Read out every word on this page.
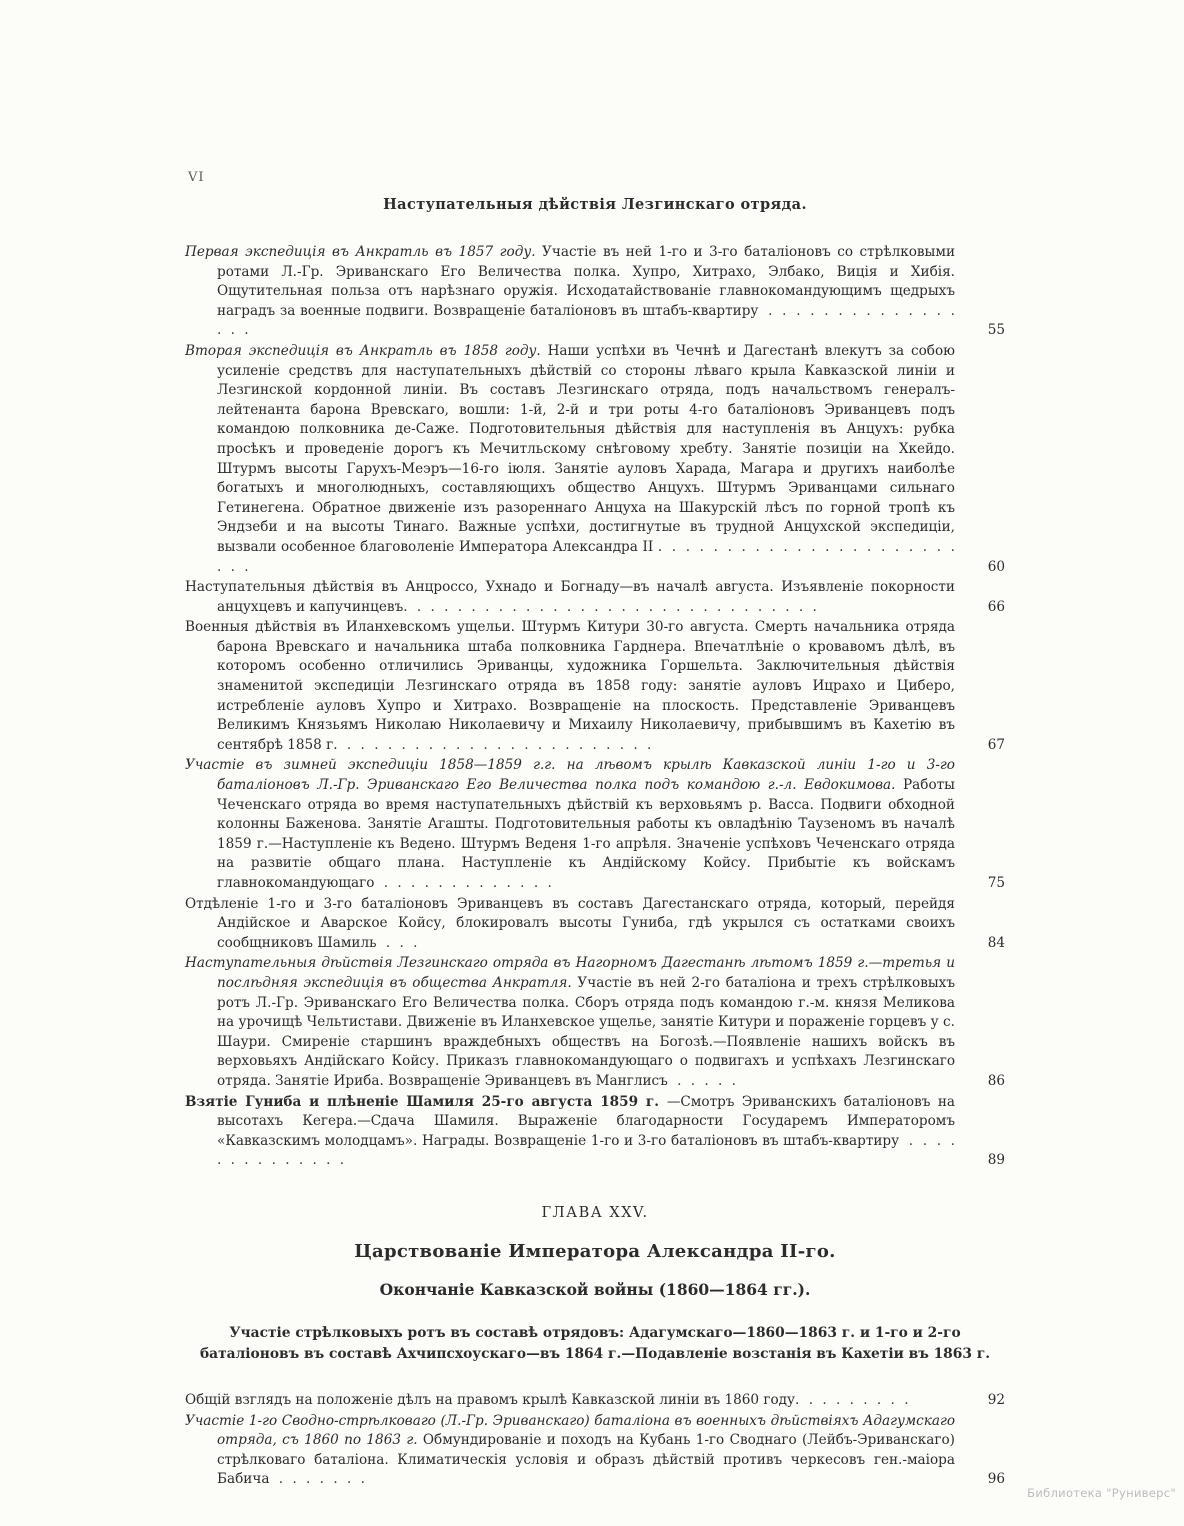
VI
Наступательныя дѣйствія Лезгинскаго отряда.
Первая экспедиція въ Анкратль въ 1857 году. Участіе въ ней 1-го и 3-го баталіоновъ со стрѣлковыми ротами Л.-Гр. Эриванскаго Его Величества полка. Хупро, Хитрахо, Элбако, Виція и Хибія. Ощутительная польза отъ нарѣзнаго оружія. Исходатайствованіе главнокомандующимъ щедрыхъ наградъ за военные подвиги. Возвращеніе баталіоновъ въ штабъ-квартиру . . . . . . . . . . . . . . . . .	55
Вторая экспедиція въ Анкратль въ 1858 году. Наши успѣхи въ Чечнѣ и Дагестанѣ влекутъ за собою усиленіе средствъ для наступательныхъ дѣйствій со стороны лѣваго крыла Кавказской линіи и Лезгинской кордонной линіи. Въ составъ Лезгинскаго отряда, подъ начальствомъ генералъ-лейтенанта барона Вревскаго, вошли: 1-й, 2-й и три роты 4-го баталіоновъ Эриванцевъ подъ командою полковника де-Саже. Подготовительныя дѣйствія для наступленія въ Анцухъ: рубка просѣкъ и проведеніе дорогъ къ Мечитльскому снѣговому хребту. Занятіе позиціи на Хкейдо. Штурмъ высоты Гарухъ-Меэръ—16-го іюля. Занятіе ауловъ Харада, Магара и другихъ наиболѣе богатыхъ и многолюдныхъ, составляющихъ общество Анцухъ. Штурмъ Эриванцами сильнаго Гетинегена. Обратное движеніе изъ разореннаго Анцуха на Шакурскій лѣсъ по горной тропѣ къ Эндзеби и на высоты Тинаго. Важные успѣхи, достигнутые въ трудной Анцухской экспедиціи, вызвали особенное благоволеніе Императора Александра II . . . . . . . . . . . . . . . . . . . . . . . . .	60
Наступательныя дѣйствія въ Анцроссо, Ухнадо и Богнаду—въ началѣ августа. Изъявленіе покорности анцухцевъ и капучинцевъ. . . . . . . . . . . . . . . . . . . . . . . . . . . . . . .	66
Военныя дѣйствія въ Иланхевскомъ ущельи. Штурмъ Китури 30-го августа. Смерть начальника отряда барона Вревскаго и начальника штаба полковника Гарднера. Впечатлѣніе о кровавомъ дѣлѣ, въ которомъ особенно отличились Эриванцы, художника Горшельта. Заключительныя дѣйствія знаменитой экспедиціи Лезгинскаго отряда въ 1858 году: занятіе ауловъ Ицрахо и Циберо, истребленіе ауловъ Хупро и Хитрахо. Возвращеніе на плоскость. Представленіе Эриванцевъ Великимъ Князьямъ Николаю Николаевичу и Михаилу Николаевичу, прибывшимъ въ Кахетію въ сентябрѣ 1858 г. . . . . . . . . . . . . . . . . . . . . . . .	67
Участіе въ зимней экспедиціи 1858—1859 г.г. на лѣвомъ крылѣ Кавказской линіи 1-го и 3-го баталіоновъ Л.-Гр. Эриванскаго Его Величества полка подъ командою г.-л. Евдокимова. Работы Чеченскаго отряда во время наступательныхъ дѣйствій къ верховьямъ р. Васса. Подвиги обходной колонны Баженова. Занятіе Агашты. Подготовительныя работы къ овладѣнію Таузеномъ въ началѣ 1859 г.—Наступленіе къ Ведено. Штурмъ Веденя 1-го апрѣля. Значеніе успѣховъ Чеченскаго отряда на развитіе общаго плана. Наступленіе къ Андійскому Койсу. Прибытіе къ войскамъ главнокомандующаго . . . . . . . . . . . . .	75
Отдѣленіе 1-го и 3-го баталіоновъ Эриванцевъ въ составъ Дагестанскаго отряда, который, перейдя Андійское и Аварское Койсу, блокировалъ высоты Гуниба, гдѣ укрылся съ остатками своихъ сообщниковъ Шамиль . . .	84
Наступательныя дѣйствія Лезгинскаго отряда въ Нагорномъ Дагестанѣ лѣтомъ 1859 г.—третья и послѣдняя экспедиція въ общества Анкратля. Участіе въ ней 2-го баталіона и трехъ стрѣлковыхъ ротъ Л.-Гр. Эриванскаго Его Величества полка. Сборъ отряда подъ командою г.-м. князя Меликова на урочищѣ Чельтистави. Движеніе въ Иланхевское ущелье, занятіе Китури и пораженіе горцевъ у с. Шаури. Смиреніе старшинъ враждебныхъ обществъ на Богозѣ.—Появленіе нашихъ войскъ въ верховьяхъ Андійскаго Койсу. Приказъ главнокомандующаго о подвигахъ и успѣхахъ Лезгинскаго отряда. Занятіе Ириба. Возвращеніе Эриванцевъ въ Манглисъ . . . . .	86
Взятіе Гуниба и плѣненіе Шамиля 25-го августа 1859 г. —Смотръ Эриванскихъ баталіоновъ на высотахъ Кегера.—Сдача Шамиля. Выраженіе благодарности Государемъ Императоромъ «Кавказскимъ молодцамъ». Награды. Возвращеніе 1-го и 3-го баталіоновъ въ штабъ-квартиру . . . . . . . . . . . . . .	89
ГЛАВА XXV.
Царствованіе Императора Александра II-го.
Окончаніе Кавказской войны (1860—1864 гг.).
Участіе стрѣлковыхъ ротъ въ составѣ отрядовъ: Адагумскаго—1860—1863 г. и 1-го и 2-го баталіоновъ въ составѣ Ахчипсхоускаго—въ 1864 г.—Подавленіе возстанія въ Кахетіи въ 1863 г.
Общій взглядъ на положеніе дѣлъ на правомъ крылѣ Кавказской линіи въ 1860 году. . . . . . . . .	92
Участіе 1-го Сводно-стрѣлковаго (Л.-Гр. Эриванскаго) баталіона въ военныхъ дѣйствіяхъ Адагумскаго отряда, съ 1860 по 1863 г. Обмундированіе и походъ на Кубань 1-го Своднаго (Лейбъ-Эриванскаго) стрѣлковаго баталіона. Климатическія условія и образъ дѣйствій противъ черкесовъ ген.-маіора Бабича . . . . . . .	96
Библиотека "Руниверс"
